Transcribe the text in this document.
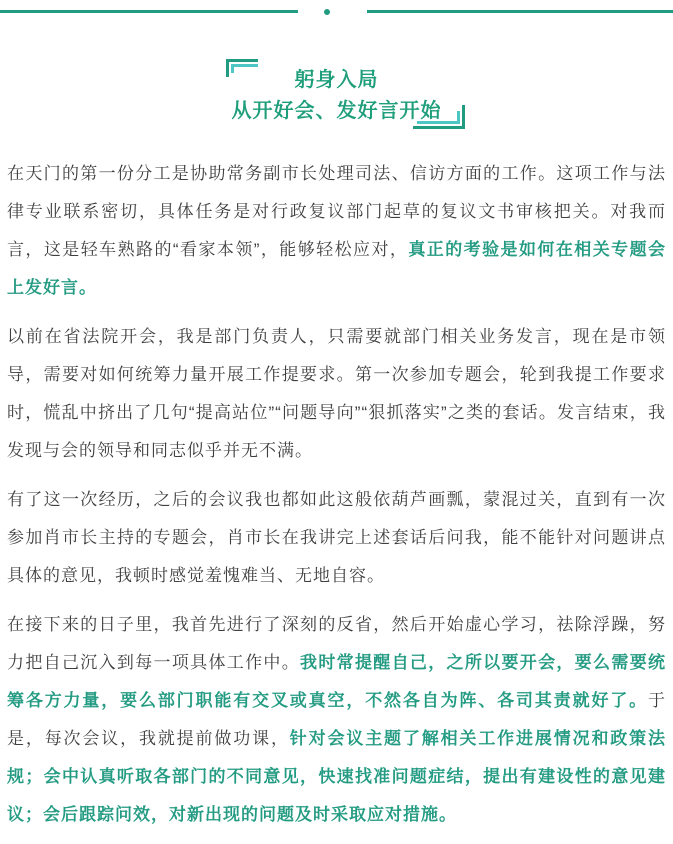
躬身入局
从开好会、发好言开始

在天门的第一份分工是协助常务副市长处理司法、信访方面的工作。这项工作与法律专业联系密切，具体任务是对行政复议部门起草的复议文书审核把关。对我而言，这是轻车熟路的“看家本领”，能够轻松应对，真正的考验是如何在相关专题会上发好言。

以前在省法院开会，我是部门负责人，只需要就部门相关业务发言，现在是市领导，需要对如何统筹力量开展工作提要求。第一次参加专题会，轮到我提工作要求时，慌乱中挤出了几句“提高站位”“问题导向”“狠抓落实”之类的套话。发言结束，我发现与会的领导和同志似乎并无不满。

有了这一次经历，之后的会议我也都如此这般依葫芦画瓢，蒙混过关，直到有一次参加肖市长主持的专题会，肖市长在我讲完上述套话后问我，能不能针对问题讲点具体的意见，我顿时感觉羞愧难当、无地自容。

在接下来的日子里，我首先进行了深刻的反省，然后开始虚心学习，祛除浮躁，努力把自己沉入到每一项具体工作中。我时常提醒自己，之所以要开会，要么需要统筹各方力量，要么部门职能有交叉或真空，不然各自为阵、各司其责就好了。于是，每次会议，我就提前做功课，针对会议主题了解相关工作进展情况和政策法规；会中认真听取各部门的不同意见，快速找准问题症结，提出有建设性的意见建议；会后跟踪问效，对新出现的问题及时采取应对措施。
